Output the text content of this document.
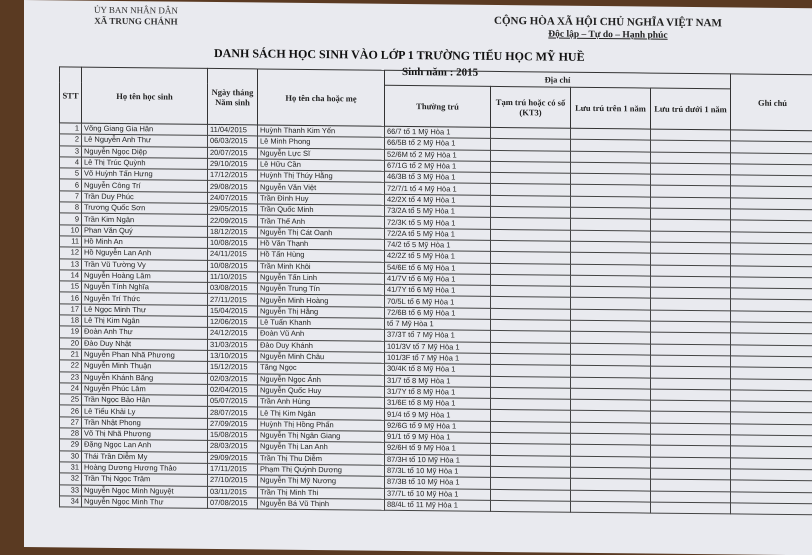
ỦY BAN NHÂN DÂN
XÃ TRUNG CHÁNH	CỘNG HÒA XÃ HỘI CHỦ NGHĨA VIỆT NAM
Độc lập – Tự do – Hạnh phúc
DANH SÁCH HỌC SINH VÀO LỚP 1 TRƯỜNG TIỂU HỌC MỸ HUỀ
Sinh năm : 2015
STT	Họ tên học sinh	Ngày tháng Năm sinh	Họ tên cha hoặc mẹ	Địa chỉ				Ghi chú
				Thường trú	Tạm trú hoặc có số (KT3)	Lưu trú trên 1 năm	Lưu trú dưới 1 năm	
1	Võng Giang Gia Hân	11/04/2015	Huỳnh Thanh Kim Yến	66/7 tổ 1 Mỹ Hòa 1				
2	Lê Nguyễn Anh Thư	06/03/2015	Lê Minh Phong	66/5B tổ 2 Mỹ Hòa 1				
3	Nguyễn Ngọc Diệp	20/07/2015	Nguyễn Lực Sĩ	52/6M tổ 2 Mỹ Hòa 1				
4	Lê Thị Trúc Quỳnh	29/10/2015	Lê Hữu Cần	67/1G tổ 2 Mỹ Hòa 1				
5	Võ Huỳnh Tấn Hưng	17/12/2015	Huỳnh Thị Thúy Hằng	46/3B tổ 3 Mỹ Hòa 1				
6	Nguyễn Công Trí	29/08/2015	Nguyễn Văn Việt	72/7/1 tổ 4 Mỹ Hòa 1				
7	Trần Duy Phúc	24/07/2015	Trần Đình Huy	42/2X tổ 4 Mỹ Hòa 1				
8	Trương Quốc Sơn	29/05/2015	Trần Quốc Minh	73/2A tổ 5 Mỹ Hòa 1				
9	Trần Kim Ngân	22/09/2015	Trần Thế Anh	72/3K tổ 5 Mỹ Hòa 1				
10	Phan Văn Quý	18/12/2015	Nguyễn Thị Cát Oanh	72/2A tổ 5 Mỹ Hòa 1				
11	Hồ Minh An	10/08/2015	Hồ Văn Thạnh	74/2 tổ 5 Mỹ Hòa 1				
12	Hồ Nguyễn Lan Anh	24/11/2015	Hồ Tấn Hùng	42/2Z tổ 5 Mỹ Hòa 1				
13	Trần Vũ Tường Vy	10/08/2015	Trần Minh Khôi	54/6E tổ 6 Mỹ Hòa 1				
14	Nguyễn Hoàng Lâm	11/10/2015	Nguyễn Tấn Linh	41/7V tổ 6 Mỹ Hòa 1				
15	Nguyễn Tính Nghĩa	03/08/2015	Nguyễn Trung Tín	41/7Y tổ 6 Mỹ Hòa 1				
16	Nguyễn Trí Thức	27/11/2015	Nguyễn Minh Hoàng	70/5L tổ 6 Mỹ Hòa 1				
17	Lê Ngọc Minh Thư	15/04/2015	Nguyễn Thị Hằng	72/6B tổ 6 Mỹ Hòa 1				
18	Lê Thị Kim Ngân	12/06/2015	Lê Tuấn Khanh	tổ 7 Mỹ Hòa 1				
19	Đoàn Anh Thư	24/12/2015	Đoàn Vũ Anh	37/3T tổ 7 Mỹ Hòa 1				
20	Đào Duy Nhật	31/03/2015	Đào Duy Khánh	101/3V tổ 7 Mỹ Hòa 1				
21	Nguyễn Phan Nhã Phương	13/10/2015	Nguyễn Minh Châu	101/3F tổ 7 Mỹ Hòa 1				
22	Nguyễn Minh Thuận	15/12/2015	Tăng Ngọc	30/4K tổ 8 Mỹ Hòa 1				
23	Nguyễn Khánh Băng	02/03/2015	Nguyễn Ngọc Ánh	31/7 tổ 8 Mỹ Hòa 1				
24	Nguyễn Phúc Lâm	02/04/2015	Nguyễn Quốc Huy	31/7Y tổ 8 Mỹ Hòa 1				
25	Trần Ngọc Bảo Hân	05/07/2015	Trần Anh Hùng	31/6E tổ 8 Mỹ Hòa 1				
26	Lê Tiểu Khải Ly	28/07/2015	Lê Thị Kim Ngân	91/4 tổ 9 Mỹ Hòa 1				
27	Trần Nhật Phong	27/09/2015	Huỳnh Thị Hồng Phấn	92/6G tổ 9 Mỹ Hòa 1				
28	Võ Thị Nhã Phương	15/08/2015	Nguyễn Thị Ngân Giang	91/1 tổ 9 Mỹ Hòa 1				
29	Đặng Ngọc Lan Anh	28/03/2015	Nguyễn Thị Lan Anh	92/6H tổ 9 Mỹ Hòa 1				
30	Thái Trần Diễm My	29/09/2015	Trần Thị Thu Diễm	87/3H tổ 10 Mỹ Hòa 1				
31	Hoàng Dương Hương Thảo	17/11/2015	Phạm Thị Quỳnh Dương	87/3L tổ 10 Mỹ Hòa 1				
32	Trần Thị Ngọc Trâm	27/10/2015	Nguyễn Thị Mỹ Nương	87/3B tổ 10 Mỹ Hòa 1				
33	Nguyễn Ngọc Minh Nguyệt	03/11/2015	Trần Thị Minh Thi	37/7L tổ 10 Mỹ Hòa 1				
34	Nguyễn Ngọc Minh Thư	07/08/2015	Nguyễn Bá Vũ Thịnh	88/4L tổ 11 Mỹ Hòa 1				
